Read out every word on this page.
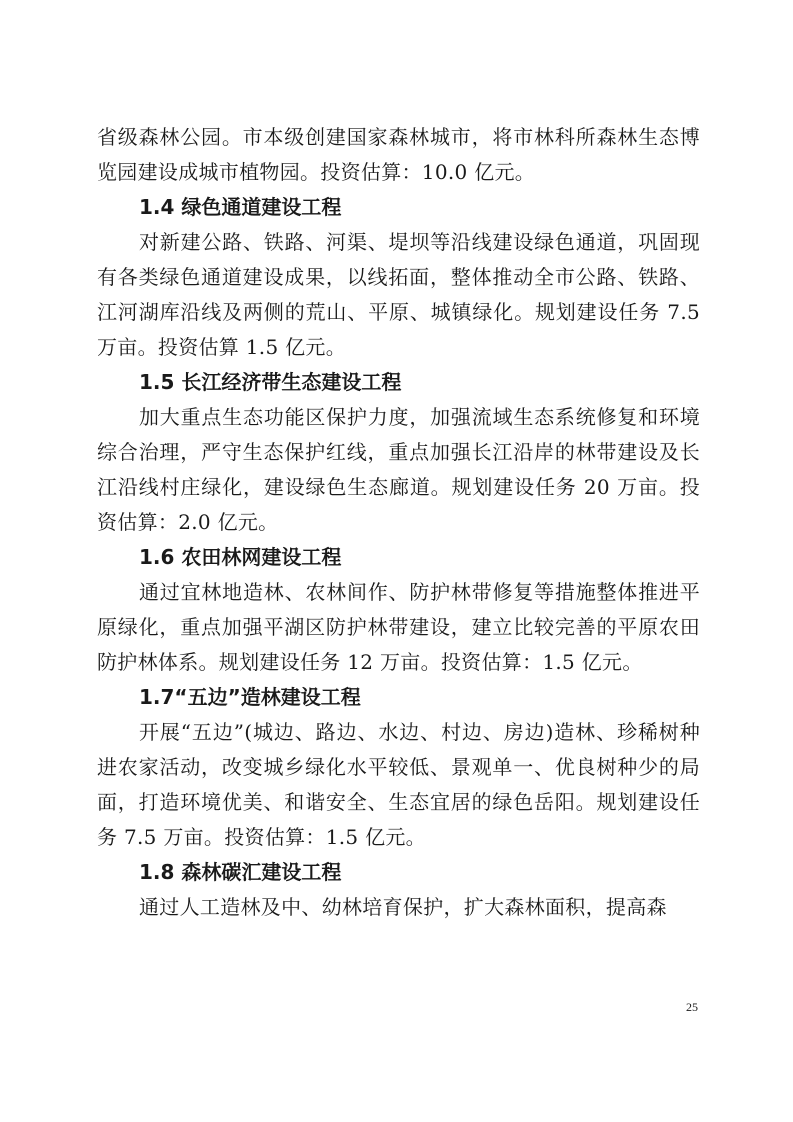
省级森林公园。市本级创建国家森林城市，将市林科所森林生态博览园建设成城市植物园。投资估算：10.0 亿元。

1.4 绿色通道建设工程

对新建公路、铁路、河渠、堤坝等沿线建设绿色通道，巩固现有各类绿色通道建设成果，以线拓面，整体推动全市公路、铁路、江河湖库沿线及两侧的荒山、平原、城镇绿化。规划建设任务 7.5 万亩。投资估算 1.5 亿元。

1.5 长江经济带生态建设工程

加大重点生态功能区保护力度，加强流域生态系统修复和环境综合治理，严守生态保护红线，重点加强长江沿岸的林带建设及长江沿线村庄绿化，建设绿色生态廊道。规划建设任务 20 万亩。投资估算：2.0 亿元。

1.6 农田林网建设工程

通过宜林地造林、农林间作、防护林带修复等措施整体推进平原绿化，重点加强平湖区防护林带建设，建立比较完善的平原农田防护林体系。规划建设任务 12 万亩。投资估算：1.5 亿元。

1.7“五边”造林建设工程

开展“五边”(城边、路边、水边、村边、房边)造林、珍稀树种进农家活动，改变城乡绿化水平较低、景观单一、优良树种少的局面，打造环境优美、和谐安全、生态宜居的绿色岳阳。规划建设任务 7.5 万亩。投资估算：1.5 亿元。

1.8 森林碳汇建设工程

通过人工造林及中、幼林培育保护，扩大森林面积，提高森

25
